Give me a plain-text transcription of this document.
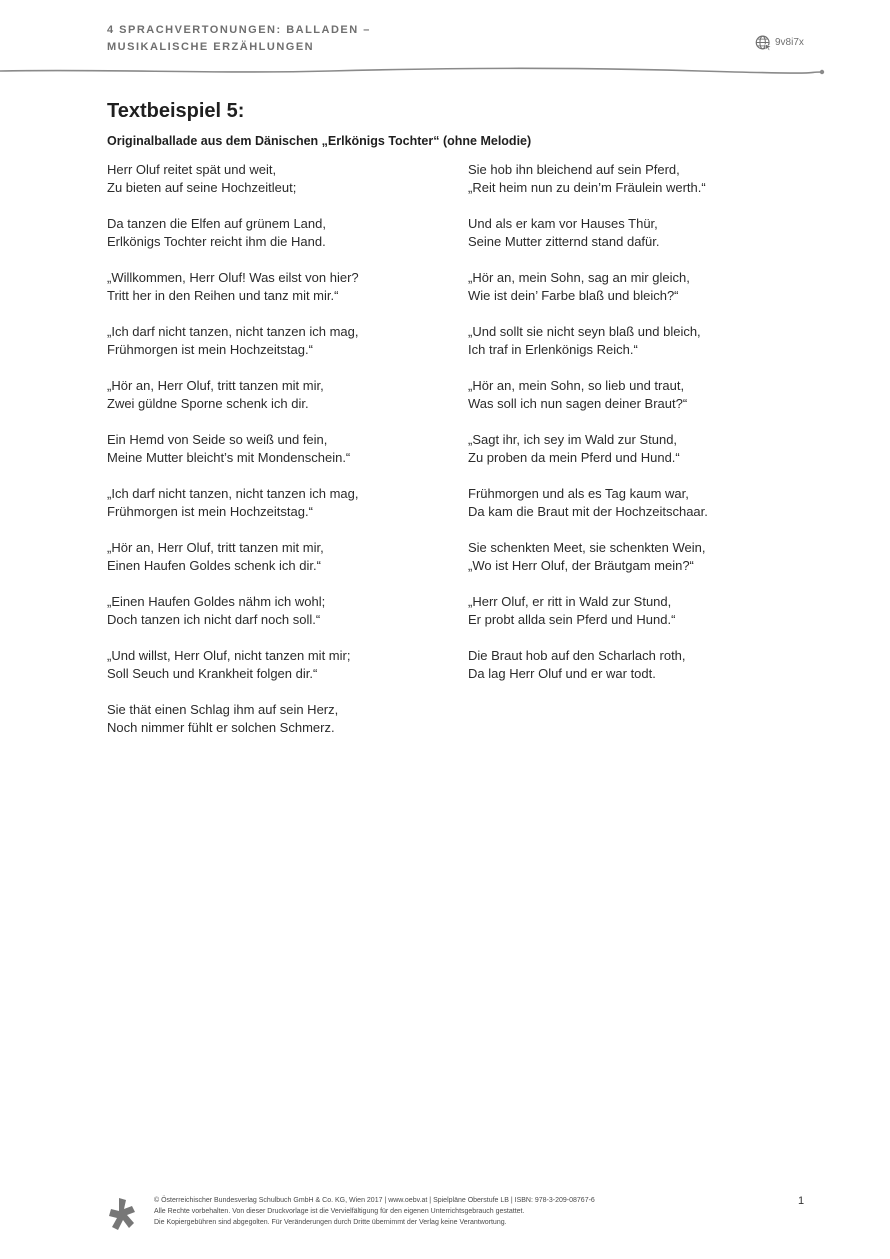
4 SPRACHVERTONUNGEN: BALLADEN –
MUSIKALISCHE ERZÄHLUNGEN	9v8i7x
Textbeispiel 5:
Originalballade aus dem Dänischen „Erlkönigs Tochter“ (ohne Melodie)
Herr Oluf reitet spät und weit,
Zu bieten auf seine Hochzeitleut;
Da tanzen die Elfen auf grünem Land,
Erlkönigs Tochter reicht ihm die Hand.
„Willkommen, Herr Oluf! Was eilst von hier?
Tritt her in den Reihen und tanz mit mir.“
„Ich darf nicht tanzen, nicht tanzen ich mag,
Frühmorgen ist mein Hochzeitstag.“
„Hör an, Herr Oluf, tritt tanzen mit mir,
Zwei güldne Sporne schenk ich dir.
Ein Hemd von Seide so weiß und fein,
Meine Mutter bleicht’s mit Mondenschein.“
„Ich darf nicht tanzen, nicht tanzen ich mag,
Frühmorgen ist mein Hochzeitstag.“
„Hör an, Herr Oluf, tritt tanzen mit mir,
Einen Haufen Goldes schenk ich dir.“
„Einen Haufen Goldes nähm ich wohl;
Doch tanzen ich nicht darf noch soll.“
„Und willst, Herr Oluf, nicht tanzen mit mir;
Soll Seuch und Krankheit folgen dir.“
Sie thät einen Schlag ihm auf sein Herz,
Noch nimmer fühlt er solchen Schmerz.
Sie hob ihn bleichend auf sein Pferd,
„Reit heim nun zu dein’m Fräulein werth.“
Und als er kam vor Hauses Thür,
Seine Mutter zitternd stand dafür.
„Hör an, mein Sohn, sag an mir gleich,
Wie ist dein’ Farbe blaß und bleich?“
„Und sollt sie nicht seyn blaß und bleich,
Ich traf in Erlenkönigs Reich.“
„Hör an, mein Sohn, so lieb und traut,
Was soll ich nun sagen deiner Braut?“
„Sagt ihr, ich sey im Wald zur Stund,
Zu proben da mein Pferd und Hund.“
Frühmorgen und als es Tag kaum war,
Da kam die Braut mit der Hochzeitschaar.
Sie schenkten Meet, sie schenkten Wein,
„Wo ist Herr Oluf, der Bräutgam mein?“
„Herr Oluf, er ritt in Wald zur Stund,
Er probt allda sein Pferd und Hund.“
Die Braut hob auf den Scharlach roth,
Da lag Herr Oluf und er war todt.
© Österreichischer Bundesverlag Schulbuch GmbH & Co. KG, Wien 2017 | www.oebv.at | Spielpläne Oberstufe LB | ISBN: 978-3-209-08767-6
Alle Rechte vorbehalten. Von dieser Druckvorlage ist die Vervielfältigung für den eigenen Unterrichtsgebrauch gestattet.
Die Kopiergebühren sind abgegolten. Für Veränderungen durch Dritte übernimmt der Verlag keine Verantwortung.
1
